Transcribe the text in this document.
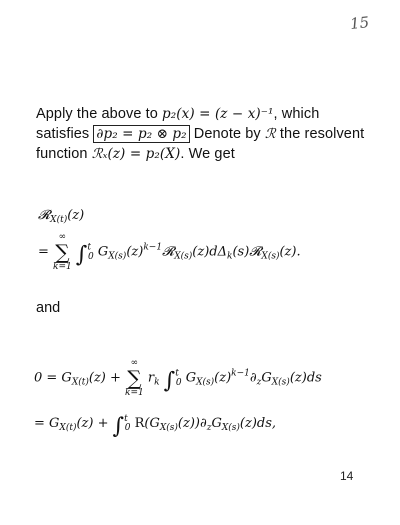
15
Apply the above to p₂(x) = (z − x)⁻¹, which satisfies ∂p₂ = p₂ ⊗ p₂ Denote by ℛ the resolvent function ℛₓ(z) = p₂(X). We get
𝓡$_{X(t)}$(z)
=
∞
∑
k=1 ∫$^t_0$ $G_{X(s)}(z)^{k-1}𝓡_{X(s)}(z)d\Delta_k(s)𝓡_{X(s)}(z)$.
and
$0 = G_{X(t)}(z)$ +
∞
∑
k=1
$r_k$ ∫$^t_0$ $G_{X(s)}(z)^{k-1}\partial_zG_{X(s)}(z)ds$
= $G_{X(t)}(z) + \int^t_0$ $R(G_{X(s)}(z))\partial_zG_{X(s)}(z)ds$,
14
